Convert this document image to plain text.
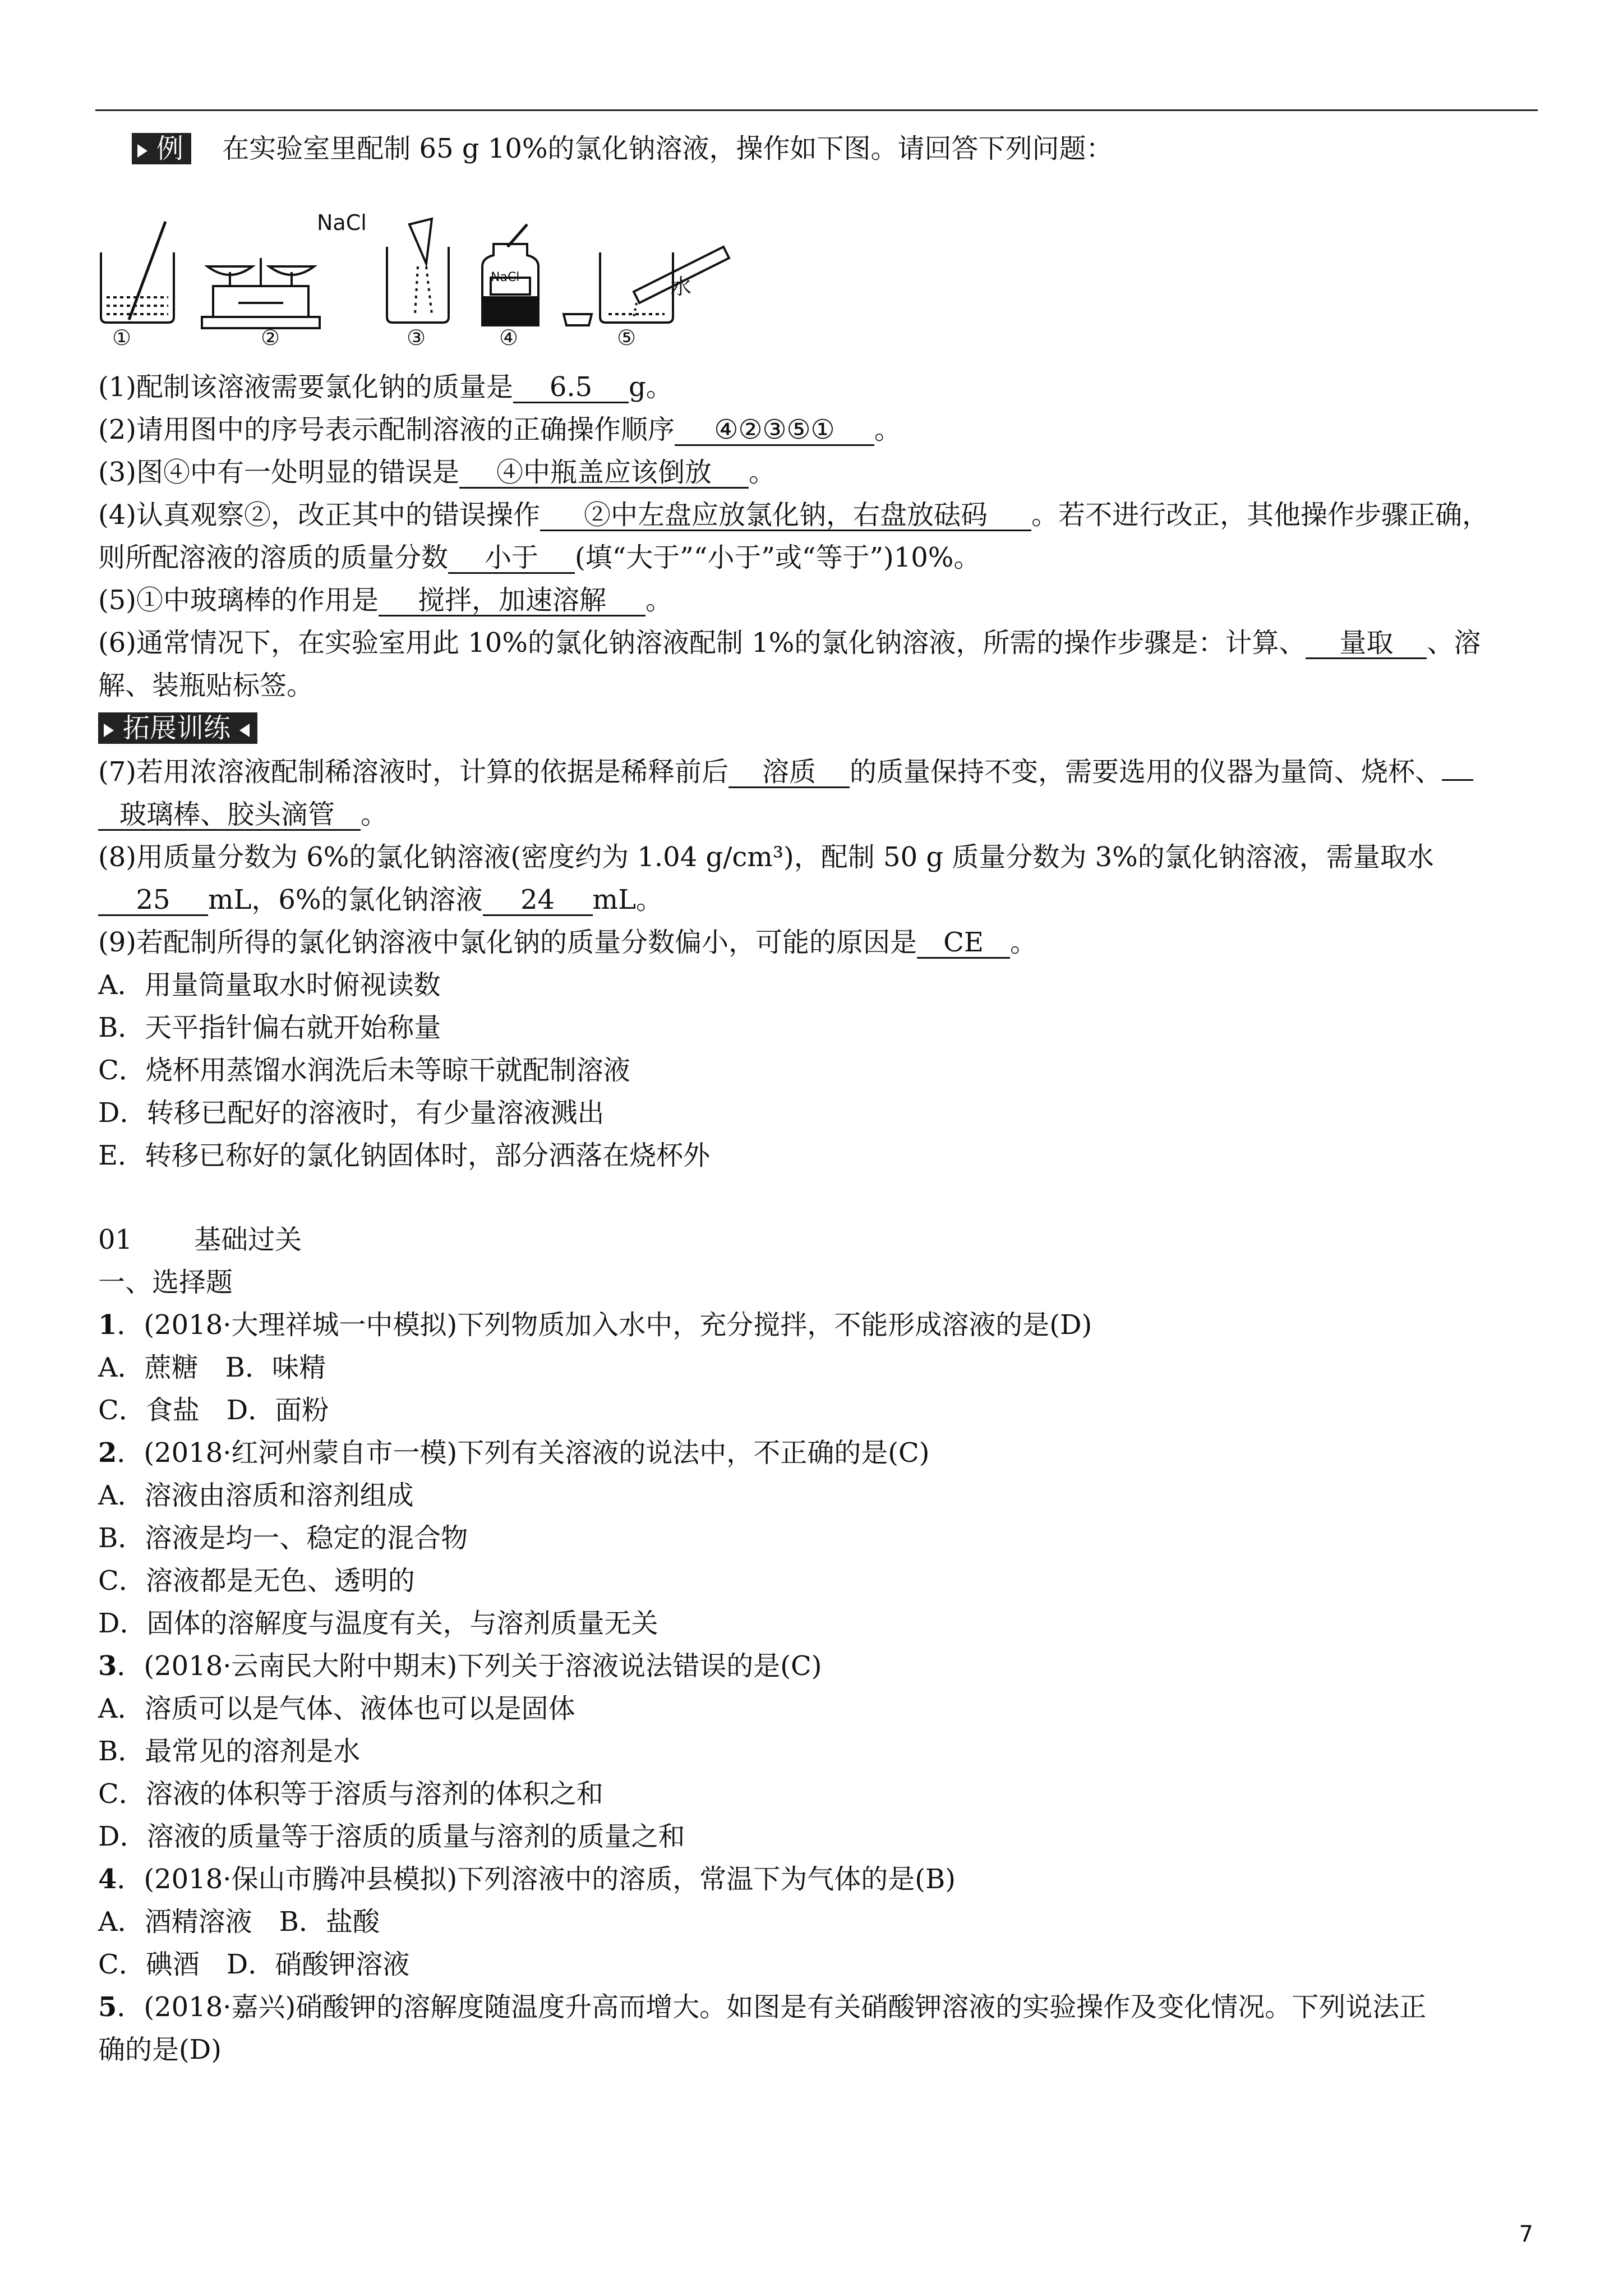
例 在实验室里配制 65 g 10%的氯化钠溶液，操作如下图。请回答下列问题：
NaCl
NaCl	水
①	②	③	④	⑤
(1)配制该溶液需要氯化钠的质量是 6.5 g。
(2)请用图中的序号表示配制溶液的正确操作顺序 ④②③⑤① 。
(3)图④中有一处明显的错误是 ④中瓶盖应该倒放 。
(4)认真观察②，改正其中的错误操作 ②中左盘应放氯化钠，右盘放砝码 。若不进行改正，其他操作步骤正确，
则所配溶液的溶质的质量分数 小于 (填“大于”“小于”或“等于”)10%。
(5)①中玻璃棒的作用是 搅拌，加速溶解 。
(6)通常情况下，在实验室用此 10%的氯化钠溶液配制 1%的氯化钠溶液，所需的操作步骤是：计算、 量取 、溶
解、装瓶贴标签。
拓展训练
(7)若用浓溶液配制稀溶液时，计算的依据是稀释前后 溶质 的质量保持不变，需要选用的仪器为量筒、烧杯、
玻璃棒、胶头滴管 。
(8)用质量分数为 6%的氯化钠溶液(密度约为 1.04 g/cm³)，配制 50 g 质量分数为 3%的氯化钠溶液，需量取水
25 mL，6%的氯化钠溶液 24 mL。
(9)若配制所得的氯化钠溶液中氯化钠的质量分数偏小，可能的原因是 CE 。
A．用量筒量取水时俯视读数
B．天平指针偏右就开始称量
C．烧杯用蒸馏水润洗后未等晾干就配制溶液
D．转移已配好的溶液时，有少量溶液溅出
E．转移已称好的氯化钠固体时，部分洒落在烧杯外
01 基础过关
一、选择题
1．(2018·大理祥城一中模拟)下列物质加入水中，充分搅拌，不能形成溶液的是(D)
A．蔗糖　B．味精
C．食盐　D．面粉
2．(2018·红河州蒙自市一模)下列有关溶液的说法中，不正确的是(C)
A．溶液由溶质和溶剂组成
B．溶液是均一、稳定的混合物
C．溶液都是无色、透明的
D．固体的溶解度与温度有关，与溶剂质量无关
3．(2018·云南民大附中期末)下列关于溶液说法错误的是(C)
A．溶质可以是气体、液体也可以是固体
B．最常见的溶剂是水
C．溶液的体积等于溶质与溶剂的体积之和
D．溶液的质量等于溶质的质量与溶剂的质量之和
4．(2018·保山市腾冲县模拟)下列溶液中的溶质，常温下为气体的是(B)
A．酒精溶液　B．盐酸
C．碘酒　D．硝酸钾溶液
5．(2018·嘉兴)硝酸钾的溶解度随温度升高而增大。如图是有关硝酸钾溶液的实验操作及变化情况。下列说法正
确的是(D)
7
